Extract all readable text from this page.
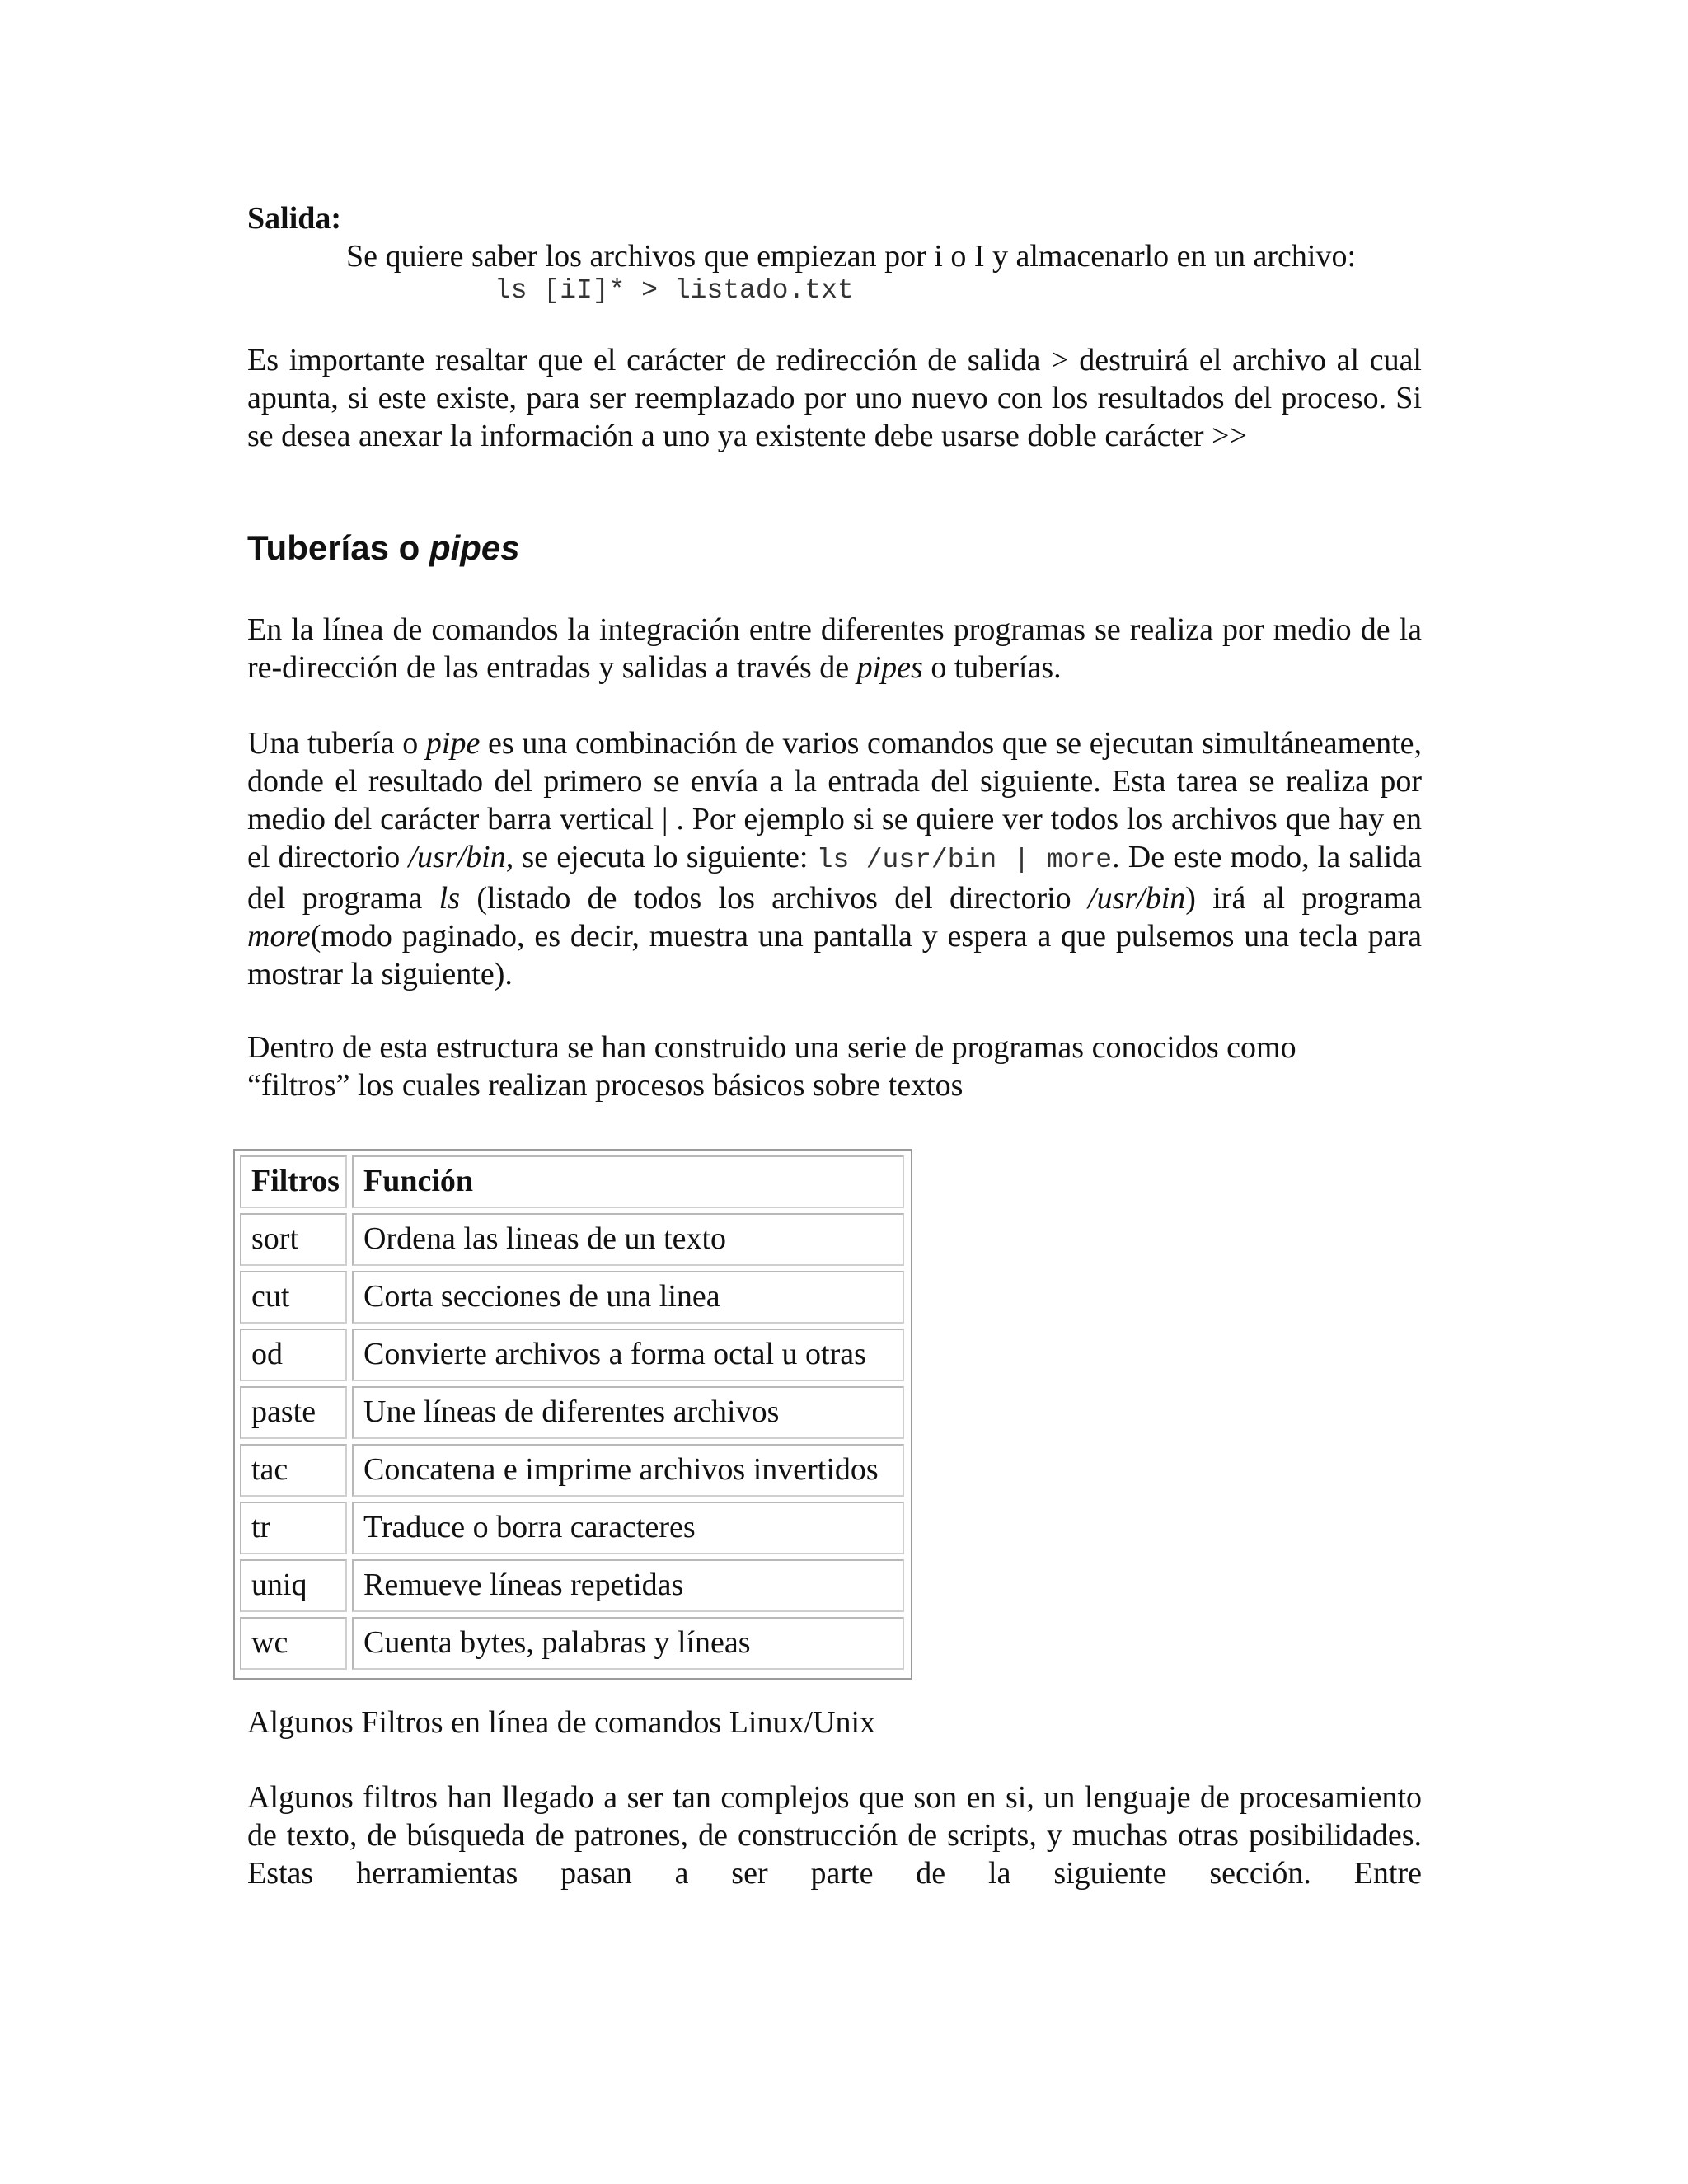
Salida:
Se quiere saber los archivos que empiezan por i o I y almacenarlo en un archivo:
ls [iI]* > listado.txt
Es importante resaltar que el carácter de redirección de salida > destruirá el archivo al cual apunta, si este existe, para ser reemplazado por uno nuevo con los resultados del proceso. Si se desea anexar la información a uno ya existente debe usarse doble carácter >>
Tuberías o pipes
En la línea de comandos la integración entre diferentes programas se realiza por medio de la re-dirección de las entradas y salidas a través de pipes o tuberías.
Una tubería o pipe es una combinación de varios comandos que se ejecutan simultáneamente, donde el resultado del primero se envía a la entrada del siguiente. Esta tarea se realiza por medio del carácter barra vertical | . Por ejemplo si se quiere ver todos los archivos que hay en el directorio /usr/bin, se ejecuta lo siguiente: ls /usr/bin | more. De este modo, la salida del programa ls (listado de todos los archivos del directorio /usr/bin) irá al programa more(modo paginado, es decir, muestra una pantalla y espera a que pulsemos una tecla para mostrar la siguiente).
Dentro de esta estructura se han construido una serie de programas conocidos como
“filtros” los cuales realizan procesos básicos sobre textos
Filtros Función
sort	Ordena las lineas de un texto
cut	Corta secciones de una linea
od	Convierte archivos a forma octal u otras
paste	Une líneas de diferentes archivos
tac	Concatena e imprime archivos invertidos
tr	Traduce o borra caracteres
uniq	Remueve líneas repetidas
wc	Cuenta bytes, palabras y líneas
Algunos Filtros en línea de comandos Linux/Unix
Algunos filtros han llegado a ser tan complejos que son en si, un lenguaje de procesamiento de texto, de búsqueda de patrones, de construcción de scripts, y muchas otras posibilidades. Estas herramientas pasan a ser parte de la siguiente sección. Entre
